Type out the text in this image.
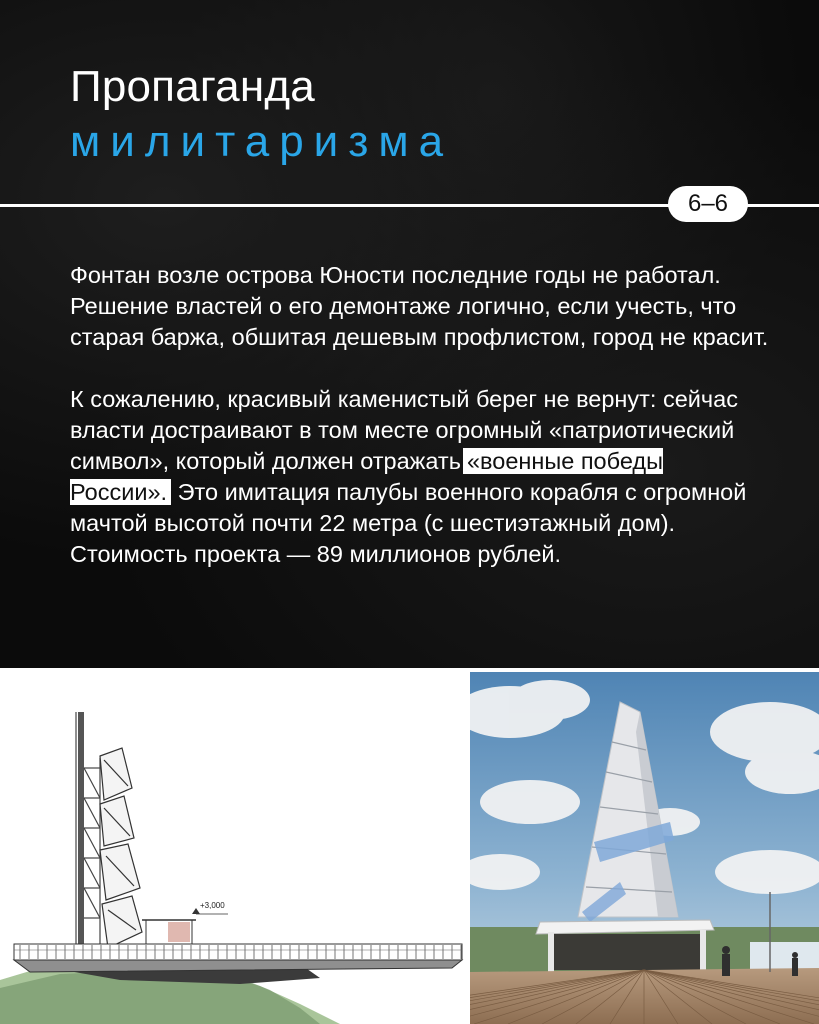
Пропаганда
милитаризма
6–6

Фонтан возле острова Юности последние годы не работал. Решение властей о его демонтаже логично, если учесть, что старая баржа, обшитая дешевым профлистом, город не красит.

К сожалению, красивый каменистый берег не вернут: сейчас власти достраивают в том месте огромный «патриотический символ», который должен отражать «военные победы России». Это имитация палубы военного корабля с огромной мачтой высотой почти 22 метра (с шестиэтажный дом). Стоимость проекта — 89 миллионов рублей.

+3,000
